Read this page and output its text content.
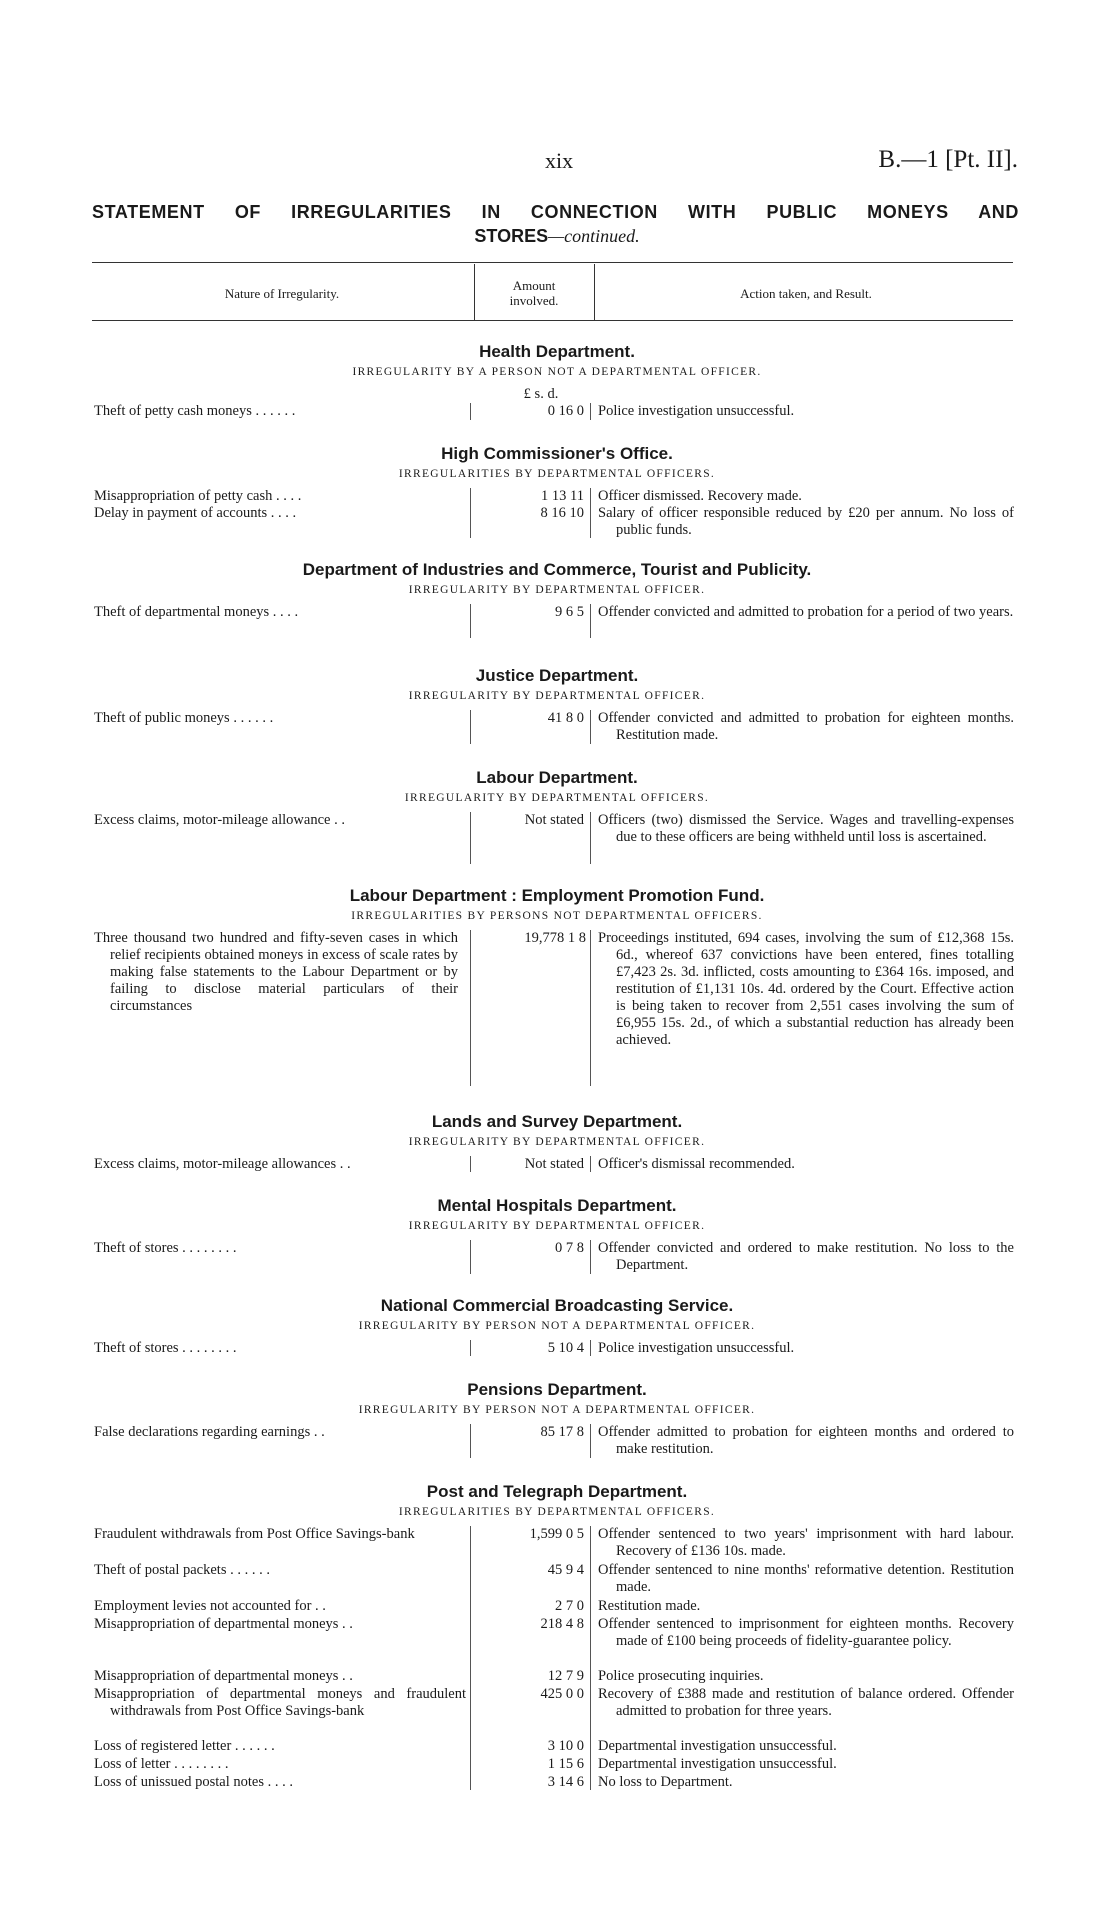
xix	B.—1 [Pt. II].
STATEMENT OF IRREGULARITIES IN CONNECTION WITH PUBLIC MONEYS AND
STORES—continued.
Nature of Irregularity.
Amount
involved.	Action taken, and Result.
Health Department.
IRREGULARITY BY A PERSON NOT A DEPARTMENTAL OFFICER.
£ s. d.
Theft of petty cash moneys . . . . . .	0 16 0 Police investigation unsuccessful.
High Commissioner's Office.
IRREGULARITIES BY DEPARTMENTAL OFFICERS.
Misappropriation of petty cash . . . .	1 13 11 Officer dismissed. Recovery made.
Delay in payment of accounts . . . .	8 16 10 Salary of officer responsible reduced by £20 per annum. No loss of public funds.
Department of Industries and Commerce, Tourist and Publicity.
IRREGULARITY BY DEPARTMENTAL OFFICER.
Theft of departmental moneys . . . .	9 6 5 Offender convicted and admitted to probation for a period of two years.
Justice Department.
IRREGULARITY BY DEPARTMENTAL OFFICER.
Theft of public moneys . . . . . .	41 8 0 Offender convicted and admitted to probation for eighteen months. Restitution made.
Labour Department.
IRREGULARITY BY DEPARTMENTAL OFFICERS.
Excess claims, motor-mileage allowance . .	Not stated Officers (two) dismissed the Service. Wages and travelling-expenses due to these officers are being withheld until loss is ascertained.
Labour Department : Employment Promotion Fund.
IRREGULARITIES BY PERSONS NOT DEPARTMENTAL OFFICERS.
Three thousand two hundred and fifty-seven cases in which relief recipients obtained moneys in excess of scale rates by making false statements to the Labour Department or by failing to disclose material particulars of their circumstances
19,778 1 8 Proceedings instituted, 694 cases, involving the sum of £12,368 15s. 6d., whereof 637 convictions have been entered, fines totalling £7,423 2s. 3d. inflicted, costs amounting to £364 16s. imposed, and restitution of £1,131 10s. 4d. ordered by the Court. Effective action is being taken to recover from 2,551 cases involving the sum of £6,955 15s. 2d., of which a substantial reduction has already been achieved.
Lands and Survey Department.
IRREGULARITY BY DEPARTMENTAL OFFICER.
Excess claims, motor-mileage allowances . .	Not stated Officer's dismissal recommended.
Mental Hospitals Department.
IRREGULARITY BY DEPARTMENTAL OFFICER.
Theft of stores . . . . . . . .	0 7 8 Offender convicted and ordered to make restitution. No loss to the Department.
National Commercial Broadcasting Service.
IRREGULARITY BY PERSON NOT A DEPARTMENTAL OFFICER.
Theft of stores . . . . . . . .	5 10 4 Police investigation unsuccessful.
Pensions Department.
IRREGULARITY BY PERSON NOT A DEPARTMENTAL OFFICER.
False declarations regarding earnings . .	85 17 8 Offender admitted to probation for eighteen months and ordered to make restitution.
Post and Telegraph Department.
IRREGULARITIES BY DEPARTMENTAL OFFICERS.
Fraudulent withdrawals from Post Office Savings-bank	1,599 0 5 Offender sentenced to two years' imprisonment with hard labour. Recovery of £136 10s. made.
Theft of postal packets . . . . . .	45 9 4 Offender sentenced to nine months' reformative detention. Restitution made.
Employment levies not accounted for . .	2 7 0 Restitution made.
Misappropriation of departmental moneys . .	218 4 8 Offender sentenced to imprisonment for eighteen months. Recovery made of £100 being proceeds of fidelity-guarantee policy.
Misappropriation of departmental moneys . .	12 7 9 Police prosecuting inquiries.
Misappropriation of departmental moneys and fraudulent withdrawals from Post Office Savings-bank
425 0 0 Recovery of £388 made and restitution of balance ordered. Offender admitted to probation for three years.
Loss of registered letter . . . . . .	3 10 0 Departmental investigation unsuccessful.
Loss of letter . . . . . . . .	1 15 6 Departmental investigation unsuccessful.
Loss of unissued postal notes . . . .	3 14 6 No loss to Department.
